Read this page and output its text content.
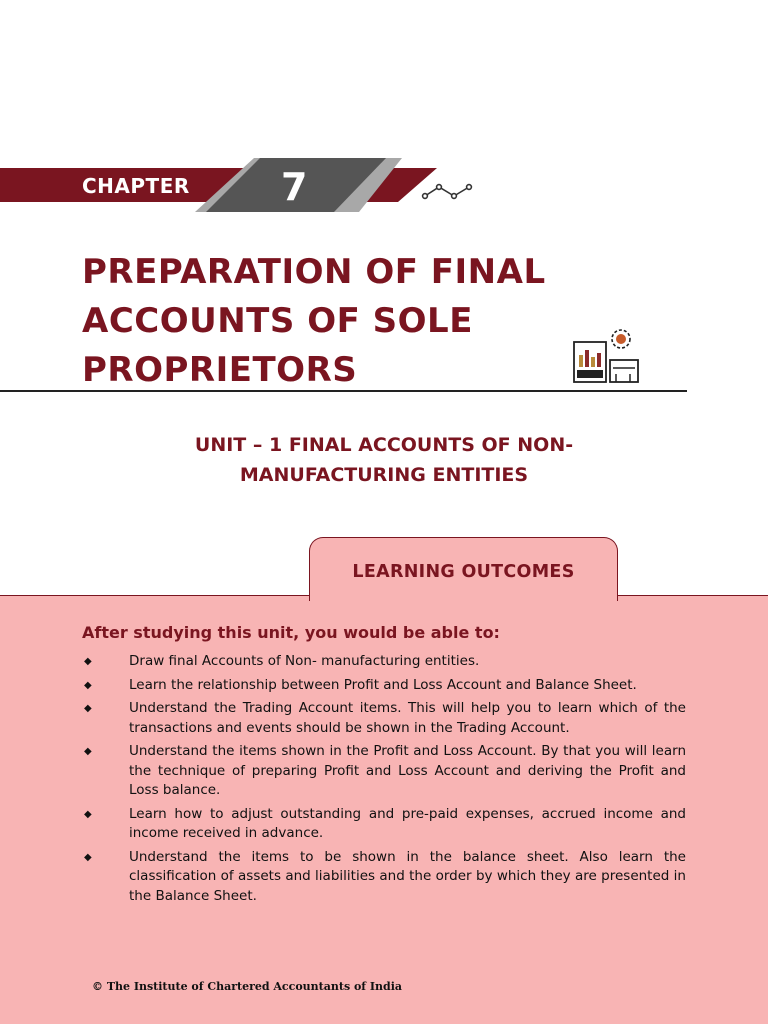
CHAPTER 7
PREPARATION OF FINAL ACCOUNTS OF SOLE PROPRIETORS
UNIT – 1 FINAL ACCOUNTS OF NON-
MANUFACTURING ENTITIES
LEARNING OUTCOMES

After studying this unit, you would be able to:

◆	Draw final Accounts of Non- manufacturing entities.
◆	Learn the relationship between Profit and Loss Account and Balance Sheet.
◆	Understand the Trading Account items. This will help you to learn which of the transactions and events should be shown in the Trading Account.
◆	Understand the items shown in the Profit and Loss Account. By that you will learn the technique of preparing Profit and Loss Account and deriving the Profit and Loss balance.
◆	Learn how to adjust outstanding and pre-paid expenses, accrued income and income received in advance.
◆	Understand the items to be shown in the balance sheet. Also learn the classification of assets and liabilities and the order by which they are presented in the Balance Sheet.

© The Institute of Chartered Accountants of India
